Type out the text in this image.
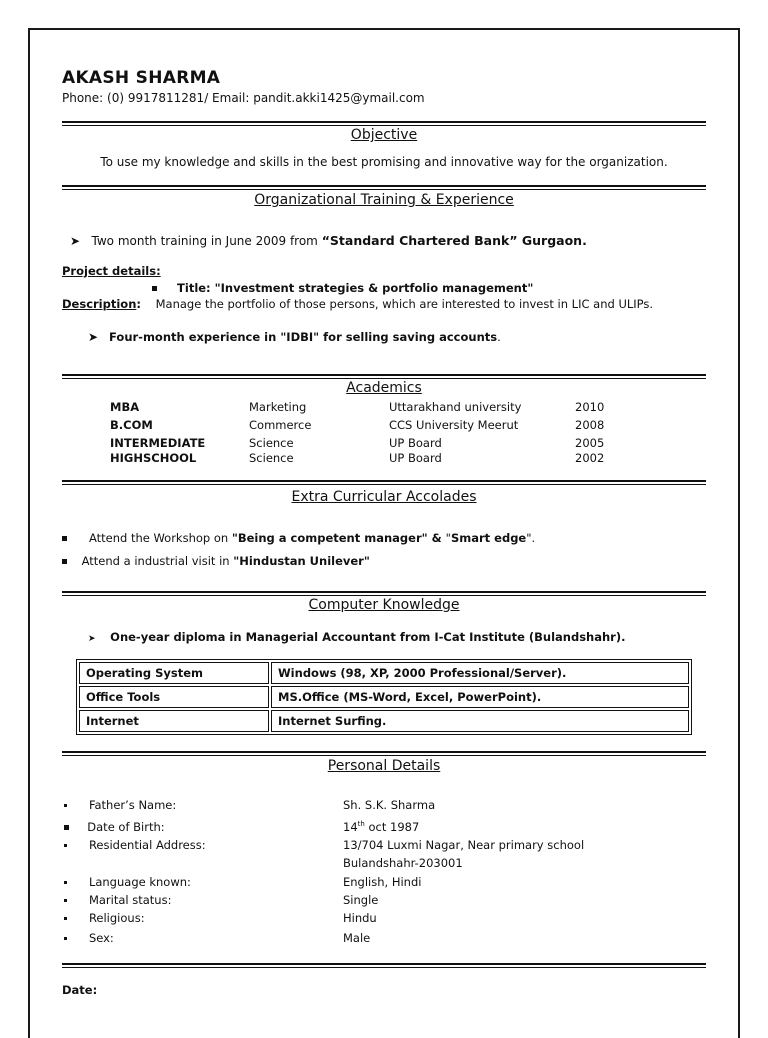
AKASH SHARMA
Phone: (0) 9917811281/ Email: pandit.akki1425@ymail.com
Objective
To use my knowledge and skills in the best promising and innovative way for the organization.
Organizational Training & Experience
➤ Two month training in June 2009 from “Standard Chartered Bank” Gurgaon.
Project details:
Title: "Investment strategies & portfolio management"
Description: Manage the portfolio of those persons, which are interested to invest in LIC and ULIPs.
➤ Four-month experience in "IDBI" for selling saving accounts.
Academics
MBA	Marketing	Uttarakhand university	2010
B.COM	Commerce	CCS University Meerut	2008
INTERMEDIATE	Science	UP Board	2005
HIGHSCHOOL	Science	UP Board	2002
Extra Curricular Accolades
Attend the Workshop on "Being a competent manager" & "Smart edge".
Attend a industrial visit in "Hindustan Unilever"
Computer Knowledge
➤ One-year diploma in Managerial Accountant from I-Cat Institute (Bulandshahr).
Operating System	Windows (98, XP, 2000 Professional/Server).
Office Tools	MS.Office (MS-Word, Excel, PowerPoint).
Internet	Internet Surfing.
Personal Details
Father’s Name:	Sh. S.K. Sharma
Date of Birth:	14th oct 1987
Residential Address:	13/704 Luxmi Nagar, Near primary school
Bulandshahr-203001
Language known:	English, Hindi
Marital status:	Single
Religious:	Hindu
Sex:	Male
Date:
